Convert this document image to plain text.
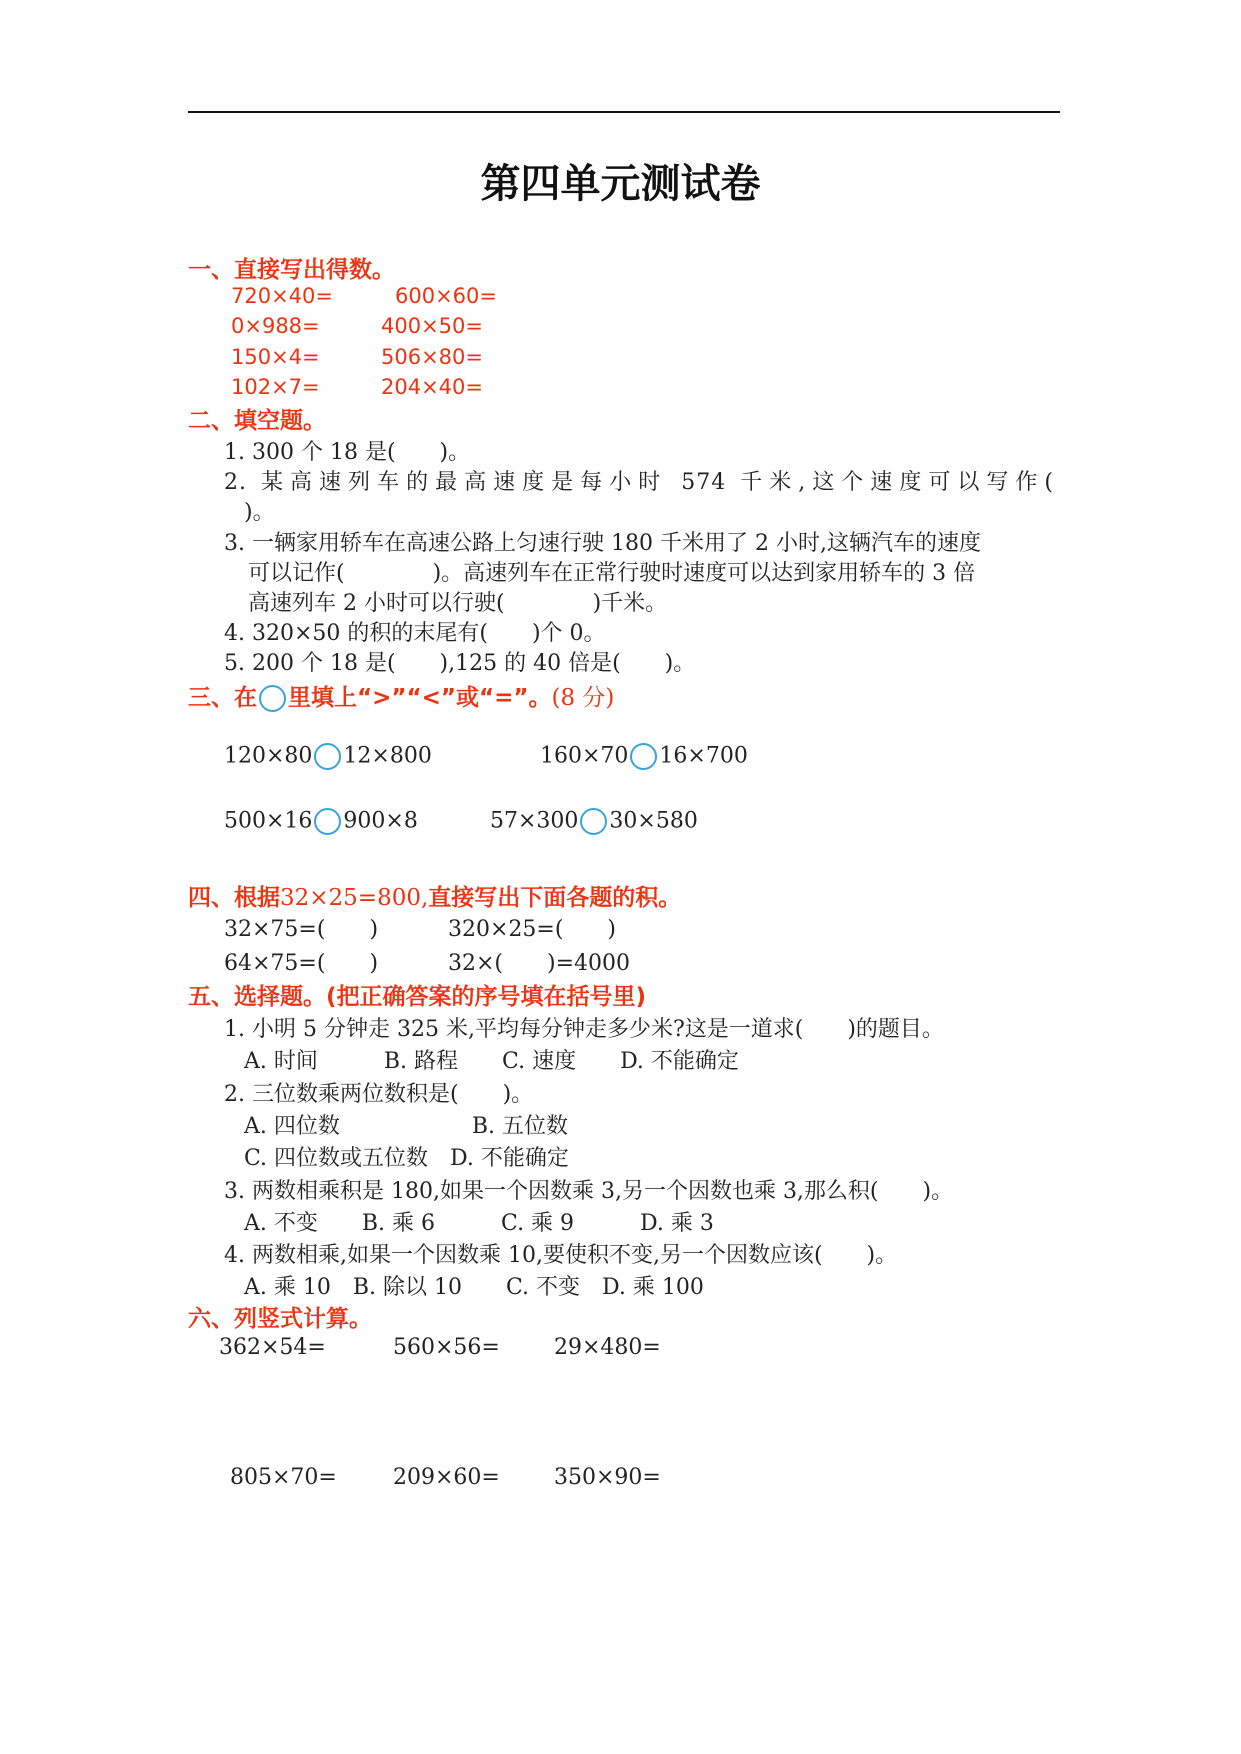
第四单元测试卷
一、直接写出得数。
720×40=	600×60=
0×988=	400×50=
150×4=	506×80=
102×7=	204×40=
二、填空题。
1. 300 个 18 是(　　)。
2. 某高速列车的最高速度是每小时 574 千米,这个速度可以写作(
)。
3. 一辆家用轿车在高速公路上匀速行驶 180 千米用了 2 小时,这辆汽车的速度
可以记作(　　　　)。高速列车在正常行驶时速度可以达到家用轿车的 3 倍
高速列车 2 小时可以行驶(　　　　)千米。
4. 320×50 的积的末尾有(　　)个 0。
5. 200 个 18 是(　　),125 的 40 倍是(　　)。
三、在 里填上“>”“<”或“=”。(8 分)
120×80 12×800	160×70 16×700
500×16 900×8	57×300 30×580
四、根据32×25=800,直接写出下面各题的积。
32×75=(　　)	320×25=(　　)
64×75=(　　)	32×(　　)=4000
五、选择题。(把正确答案的序号填在括号里)
1. 小明 5 分钟走 325 米,平均每分钟走多少米?这是一道求(　　)的题目。
A. 时间　　　B. 路程　　C. 速度　　D. 不能确定
2. 三位数乘两位数积是(　　)。
A. 四位数　　　　　　B. 五位数
C. 四位数或五位数　D. 不能确定
3. 两数相乘积是 180,如果一个因数乘 3,另一个因数也乘 3,那么积(　　)。
A. 不变　　B. 乘 6　　　C. 乘 9　　　D. 乘 3
4. 两数相乘,如果一个因数乘 10,要使积不变,另一个因数应该(　　)。
A. 乘 10　B. 除以 10　　C. 不变　D. 乘 100
六、列竖式计算。
362×54=	560×56= 29×480=
805×70=	209×60= 350×90=
